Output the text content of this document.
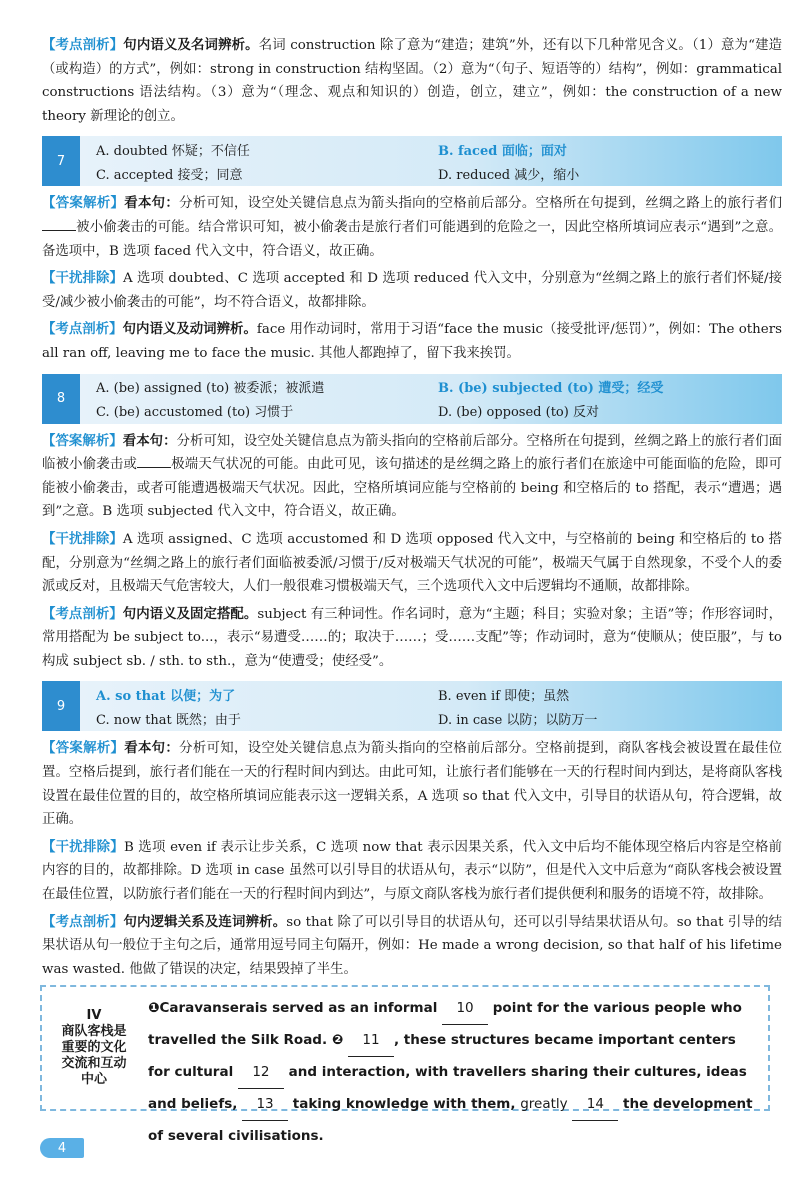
【考点剖析】句内语义及名词辨析。名词 construction 除了意为“建造；建筑”外，还有以下几种常见含义。（1）意为“建造（或构造）的方式”，例如：strong in construction 结构坚固。（2）意为“（句子、短语等的）结构”，例如：grammatical constructions 语法结构。（3）意为“（理念、观点和知识的）创造，创立，建立”，例如：the construction of a new theory 新理论的创立。

7
A. doubted 怀疑；不信任	B. faced 面临；面对
C. accepted 接受；同意	D. reduced 减少，缩小

【答案解析】看本句：分析可知，设空处关键信息点为箭头指向的空格前后部分。空格所在句提到，丝绸之路上的旅行者们被小偷袭击的可能。结合常识可知，被小偷袭击是旅行者们可能遇到的危险之一，因此空格所填词应表示“遇到”之意。备选项中，B 选项 faced 代入文中，符合语义，故正确。

【干扰排除】A 选项 doubted、C 选项 accepted 和 D 选项 reduced 代入文中，分别意为“丝绸之路上的旅行者们怀疑/接受/减少被小偷袭击的可能”，均不符合语义，故都排除。

【考点剖析】句内语义及动词辨析。face 用作动词时，常用于习语“face the music（接受批评/惩罚）”，例如：The others all ran off, leaving me to face the music. 其他人都跑掉了，留下我来挨罚。

8
A. (be) assigned (to) 被委派；被派遣	B. (be) subjected (to) 遭受；经受
C. (be) accustomed (to) 习惯于	D. (be) opposed (to) 反对

【答案解析】看本句：分析可知，设空处关键信息点为箭头指向的空格前后部分。空格所在句提到，丝绸之路上的旅行者们面临被小偷袭击或	极端天气状况的可能。由此可见，该句描述的是丝绸之路上的旅行者们在旅途中可能面临的危险，即可能被小偷袭击，或者可能遭遇极端天气状况。因此，空格所填词应能与空格前的 being 和空格后的 to 搭配，表示“遭遇；遇到”之意。B 选项 subjected 代入文中，符合语义，故正确。

【干扰排除】A 选项 assigned、C 选项 accustomed 和 D 选项 opposed 代入文中，与空格前的 being 和空格后的 to 搭配，分别意为“丝绸之路上的旅行者们面临被委派/习惯于/反对极端天气状况的可能”，极端天气属于自然现象，不受个人的委派或反对，且极端天气危害较大，人们一般很难习惯极端天气，三个选项代入文中后逻辑均不通顺，故都排除。

【考点剖析】句内语义及固定搭配。subject 有三种词性。作名词时，意为“主题；科目；实验对象；主语”等；作形容词时，常用搭配为 be subject to...，表示“易遭受……的；取决于……；受……支配”等；作动词时，意为“使顺从；使臣服”，与 to 构成 subject sb. / sth. to sth.，意为“使遭受；使经受”。

9
A. so that 以便；为了	B. even if 即使；虽然
C. now that 既然；由于	D. in case 以防；以防万一

【答案解析】看本句：分析可知，设空处关键信息点为箭头指向的空格前后部分。空格前提到，商队客栈会被设置在最佳位置。空格后提到，旅行者们能在一天的行程时间内到达。由此可知，让旅行者们能够在一天的行程时间内到达，是将商队客栈设置在最佳位置的目的，故空格所填词应能表示这一逻辑关系，A 选项 so that 代入文中，引导目的状语从句，符合逻辑，故正确。

【干扰排除】B 选项 even if 表示让步关系，C 选项 now that 表示因果关系，代入文中后均不能体现空格后内容是空格前内容的目的，故都排除。D 选项 in case 虽然可以引导目的状语从句，表示“以防”，但是代入文中后意为“商队客栈会被设置在最佳位置，以防旅行者们能在一天的行程时间内到达”，与原文商队客栈为旅行者们提供便利和服务的语境不符，故排除。

【考点剖析】句内逻辑关系及连词辨析。so that 除了可以引导目的状语从句，还可以引导结果状语从句。so that 引导的结果状语从句一般位于主句之后，通常用逗号同主句隔开，例如：He made a wrong decision, so that half of his lifetime was wasted. 他做了错误的决定，结果毁掉了半生。

IV
商队客栈是
重要的文化
交流和互动
中心
❶Caravanserais served as an informal 10 point for the various people who travelled the Silk Road. ❷ 11 , these structures became important centers for cultural 12 and interaction, with travellers sharing their cultures, ideas and beliefs, 13 taking knowledge with them, greatly 14 the development of several civilisations.
4
